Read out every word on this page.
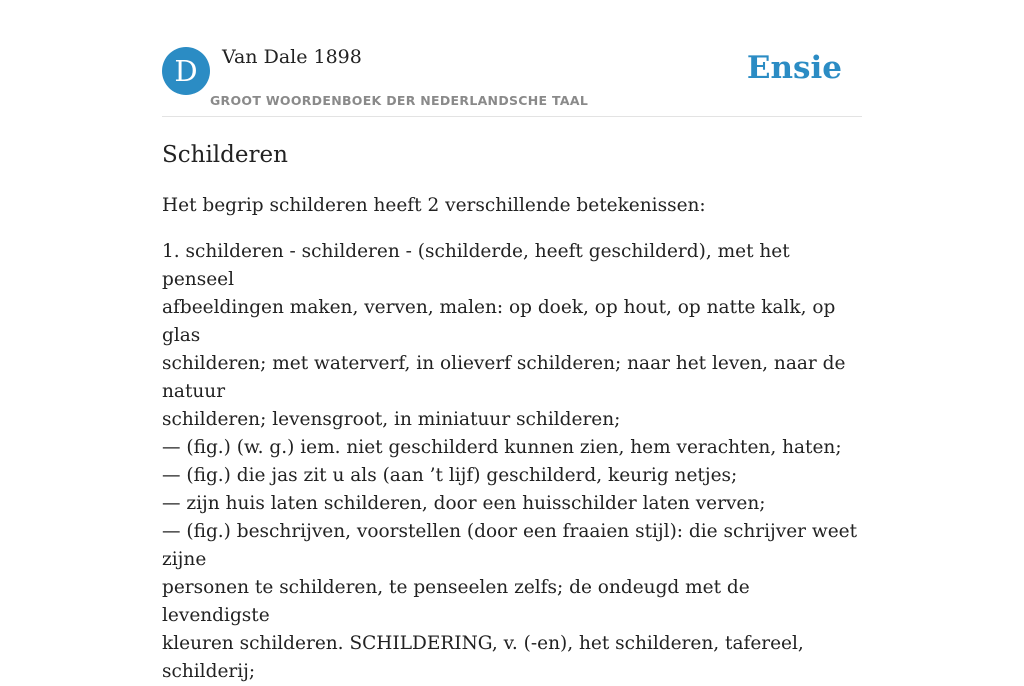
D	Van Dale 1898
GROOT WOORDENBOEK DER NEDERLANDSCHE TAAL
Ensie
Schilderen

Het begrip schilderen heeft 2 verschillende betekenissen:

1. schilderen - schilderen - (schilderde, heeft geschilderd), met het penseel
afbeeldingen maken, verven, malen: op doek, op hout, op natte kalk, op glas
schilderen; met waterverf, in olieverf schilderen; naar het leven, naar de natuur
schilderen; levensgroot, in miniatuur schilderen;
— (fig.) (w. g.) iem. niet geschilderd kunnen zien, hem verachten, haten;
— (fig.) die jas zit u als (aan ’t lijf) geschilderd, keurig netjes;
— zijn huis laten schilderen, door een huisschilder laten verven;
— (fig.) beschrijven, voorstellen (door een fraaien stijl): die schrijver weet zijne
personen te schilderen, te penseelen zelfs; de ondeugd met de levendigste
kleuren schilderen. SCHILDERING, v. (-en), het schilderen, tafereel, schilderij;
